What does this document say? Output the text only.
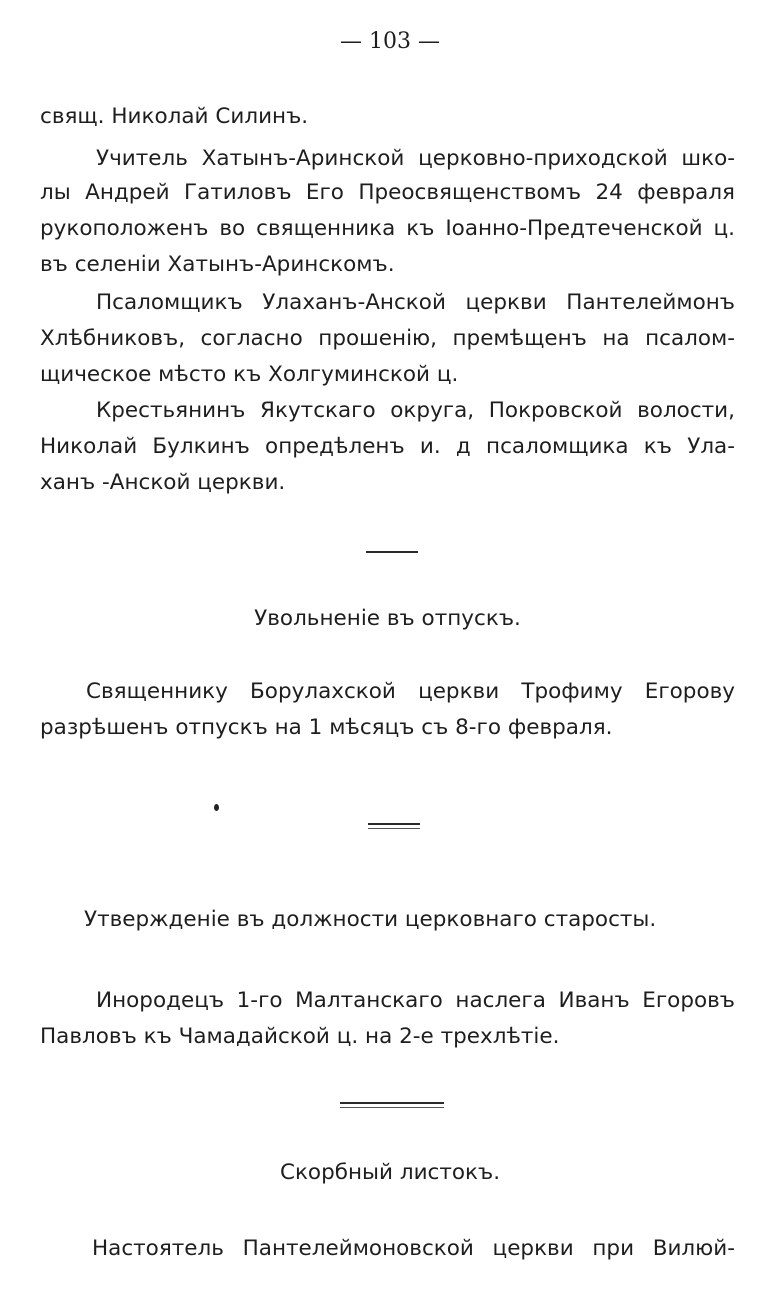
— 103 —
свящ. Николай Силинъ.
Учитель Хатынъ-Аринской церковно-приходской шко-
лы Андрей Гатиловъ Его Преосвященствомъ 24 февраля
рукоположенъ во священника къ Іоанно-Предтеченской ц.
въ селеніи Хатынъ-Аринскомъ.
Псаломщикъ Улаханъ-Анской церкви Пантелеймонъ
Хлѣбниковъ, согласно прошенію, премѣщенъ на псалом-
щическое мѣсто къ Холгуминской ц.
Крестьянинъ Якутскаго округа, Покровской волости,
Николай Булкинъ опредѣленъ и. д псаломщика къ Ула-
ханъ -Анской церкви.
Увольненіе въ отпускъ.
Священнику Борулахской церкви Трофиму Егорову
разрѣшенъ отпускъ на 1 мѣсяцъ съ 8-го февраля.
Утвержденіе въ должности церковнаго старосты.
Инородецъ 1-го Малтанскаго наслега Иванъ Егоровъ
Павловъ къ Чамадайской ц. на 2-е трехлѣтіе.
Скорбный листокъ.
Настоятель Пантелеймоновской церкви при Вилюй-
